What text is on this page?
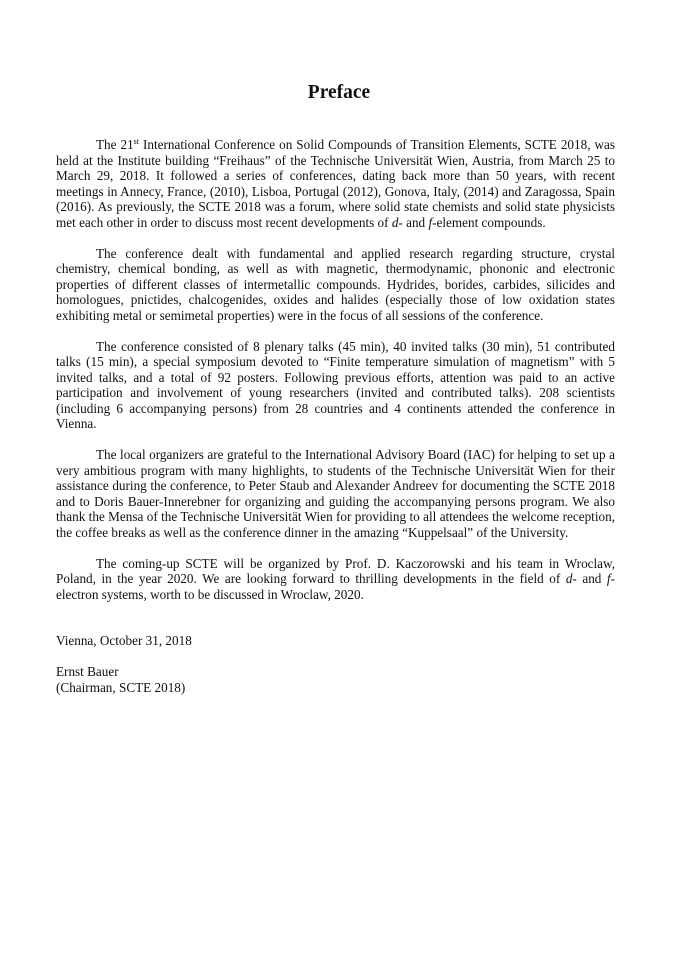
Preface

The 21st International Conference on Solid Compounds of Transition Elements, SCTE 2018, was held at the Institute building “Freihaus” of the Technische Universität Wien, Austria, from March 25 to March 29, 2018. It followed a series of conferences, dating back more than 50 years, with recent meetings in Annecy, France, (2010), Lisboa, Portugal (2012), Gonova, Italy, (2014) and Zaragossa, Spain (2016). As previously, the SCTE 2018 was a forum, where solid state chemists and solid state physicists met each other in order to discuss most recent developments of d- and f-element compounds.

The conference dealt with fundamental and applied research regarding structure, crystal chemistry, chemical bonding, as well as with magnetic, thermodynamic, phononic and electronic properties of different classes of intermetallic compounds. Hydrides, borides, carbides, silicides and homologues, pnictides, chalcogenides, oxides and halides (especially those of low oxidation states exhibiting metal or semimetal properties) were in the focus of all sessions of the conference.

The conference consisted of 8 plenary talks (45 min), 40 invited talks (30 min), 51 contributed talks (15 min), a special symposium devoted to “Finite temperature simulation of magnetism” with 5 invited talks, and a total of 92 posters. Following previous efforts, attention was paid to an active participation and involvement of young researchers (invited and contributed talks). 208 scientists (including 6 accompanying persons) from 28 countries and 4 continents attended the conference in Vienna.

The local organizers are grateful to the International Advisory Board (IAC) for helping to set up a very ambitious program with many highlights, to students of the Technische Universität Wien for their assistance during the conference, to Peter Staub and Alexander Andreev for documenting the SCTE 2018 and to Doris Bauer-Innerebner for organizing and guiding the accompanying persons program. We also thank the Mensa of the Technische Universität Wien for providing to all attendees the welcome reception, the coffee breaks as well as the conference dinner in the amazing “Kuppelsaal” of the University.

The coming-up SCTE will be organized by Prof. D. Kaczorowski and his team in Wroclaw, Poland, in the year 2020. We are looking forward to thrilling developments in the field of d- and f-electron systems, worth to be discussed in Wroclaw, 2020.

Vienna, October 31, 2018

Ernst Bauer

(Chairman, SCTE 2018)
